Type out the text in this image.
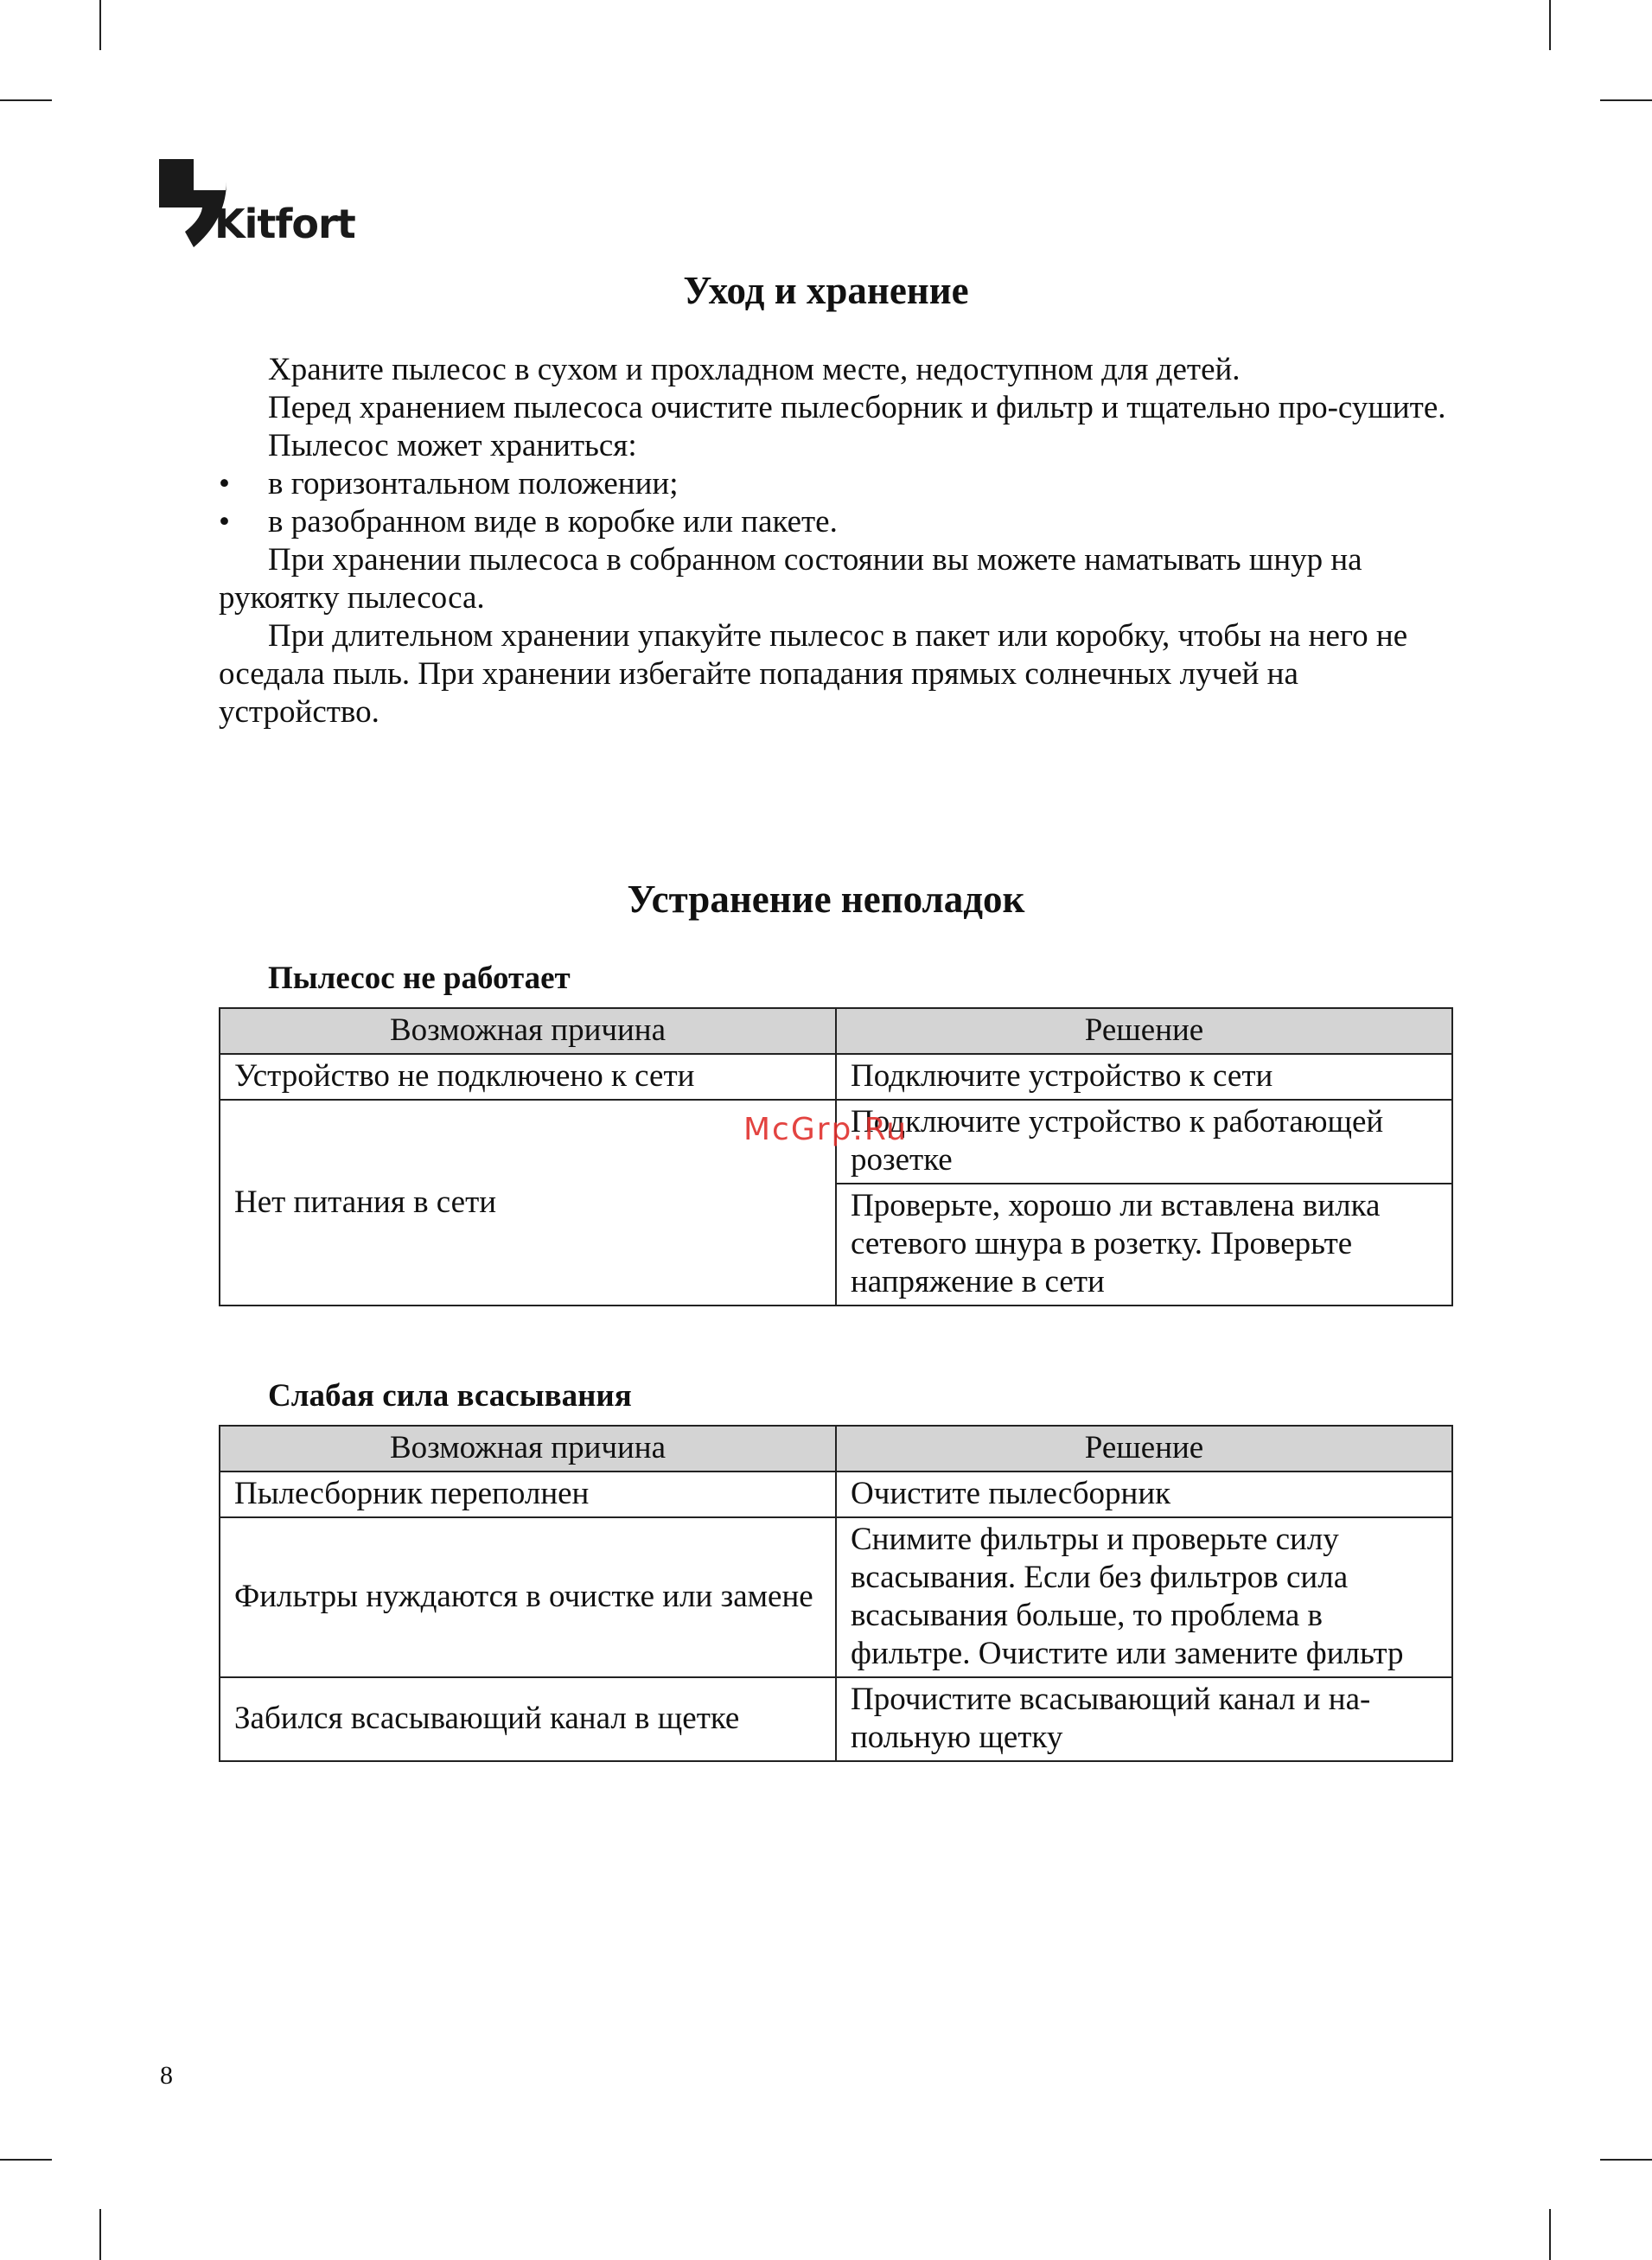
Kitfort
Уход и хранение

Храните пылесос в сухом и прохладном месте, недоступном для детей.

Перед хранением пылесоса очистите пылесборник и фильтр и тщательно про-сушите.

Пылесос может храниться:

• в горизонтальном положении;

• в разобранном виде в коробке или пакете.

При хранении пылесоса в собранном состоянии вы можете наматывать шнур на рукоятку пылесоса.

При длительном хранении упакуйте пылесос в пакет или коробку, чтобы на него не оседала пыль. При хранении избегайте попадания прямых солнечных лучей на устройство.

Устранение неполадок
Пылесос не работает
Возможная причина	Решение
Устройство не подключено к сети	Подключите устройство к сети
Нет питания в сети	Подключите устройство к работающей розетке
	Проверьте, хорошо ли вставлена вилка сетевого шнура в розетку. Проверьте напряжение в сети
Слабая сила всасывания
Возможная причина	Решение
Пылесборник переполнен	Очистите пылесборник
Фильтры нуждаются в очистке или замене	Снимите фильтры и проверьте силу всасывания. Если без фильтров сила всасывания больше, то проблема в фильтре. Очистите или замените фильтр
Забился всасывающий канал в щетке	Прочистите всасывающий канал и на-польную щетку
McGrp.Ru
8
